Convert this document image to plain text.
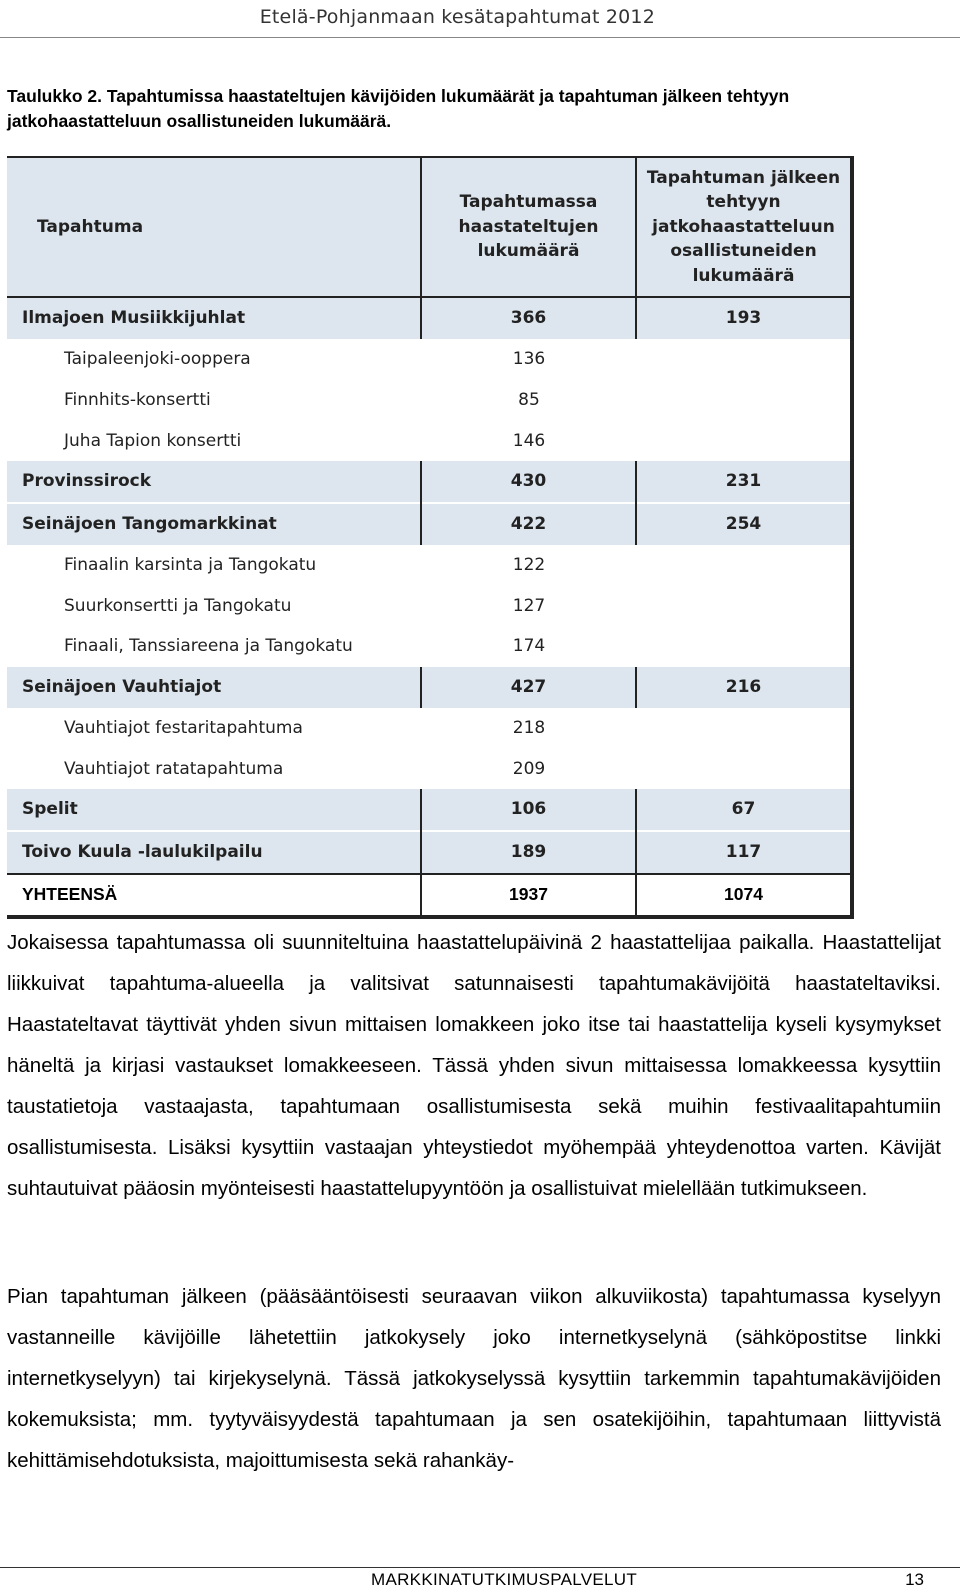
Etelä-Pohjanmaan kesätapahtumat 2012
Taulukko 2. Tapahtumissa haastateltujen kävijöiden lukumäärät ja tapahtuman jälkeen tehtyyn jatkohaastatteluun osallistuneiden lukumäärä.
Tapahtuma	Tapahtumassa haastateltujen lukumäärä	Tapahtuman jälkeen tehtyyn jatkohaastatteluun osallistuneiden lukumäärä
Ilmajoen Musiikkijuhlat	366	193
Taipaleenjoki-ooppera	136	
Finnhits-konsertti	85	
Juha Tapion konsertti	146	
Provinssirock	430	231
Seinäjoen Tangomarkkinat	422	254
Finaalin karsinta ja Tangokatu	122	
Suurkonsertti ja Tangokatu	127	
Finaali, Tanssiareena ja Tangokatu	174	
Seinäjoen Vauhtiajot	427	216
Vauhtiajot festaritapahtuma	218	
Vauhtiajot ratatapahtuma	209	
Spelit	106	67
Toivo Kuula -laulukilpailu	189	117
YHTEENSÄ	1937	1074
Jokaisessa tapahtumassa oli suunniteltuina haastattelupäivinä 2 haastattelijaa paikalla. Haastattelijat liikkuivat tapahtuma-alueella ja valitsivat satunnaisesti tapahtumakävijöitä haastateltaviksi. Haastateltavat täyttivät yhden sivun mittaisen lomakkeen joko itse tai haastattelija kyseli kysymykset häneltä ja kirjasi vastaukset lomakkeeseen. Tässä yhden sivun mittaisessa lomakkeessa kysyttiin taustatietoja vastaajasta, tapahtumaan osallistumisesta sekä muihin festivaalitapahtumiin osallistumisesta. Lisäksi kysyttiin vastaajan yhteystiedot myöhempää yhteydenottoa varten. Kävijät suhtautuivat pääosin myönteisesti haastattelupyyntöön ja osallistuivat mielellään tutkimukseen.
Pian tapahtuman jälkeen (pääsääntöisesti seuraavan viikon alkuviikosta) tapahtumassa kyselyyn vastanneille kävijöille lähetettiin jatkokysely joko internetkyselynä (sähköpostitse linkki internetkyselyyn) tai kirjekyselynä. Tässä jatkokyselyssä kysyttiin tarkemmin tapahtumakävijöiden kokemuksista; mm. tyytyväisyydestä tapahtumaan ja sen osatekijöihin, tapahtumaan liittyvistä kehittämisehdotuksista, majoittumisesta sekä rahankäy-
MARKKINATUTKIMUSPALVELUT	13
